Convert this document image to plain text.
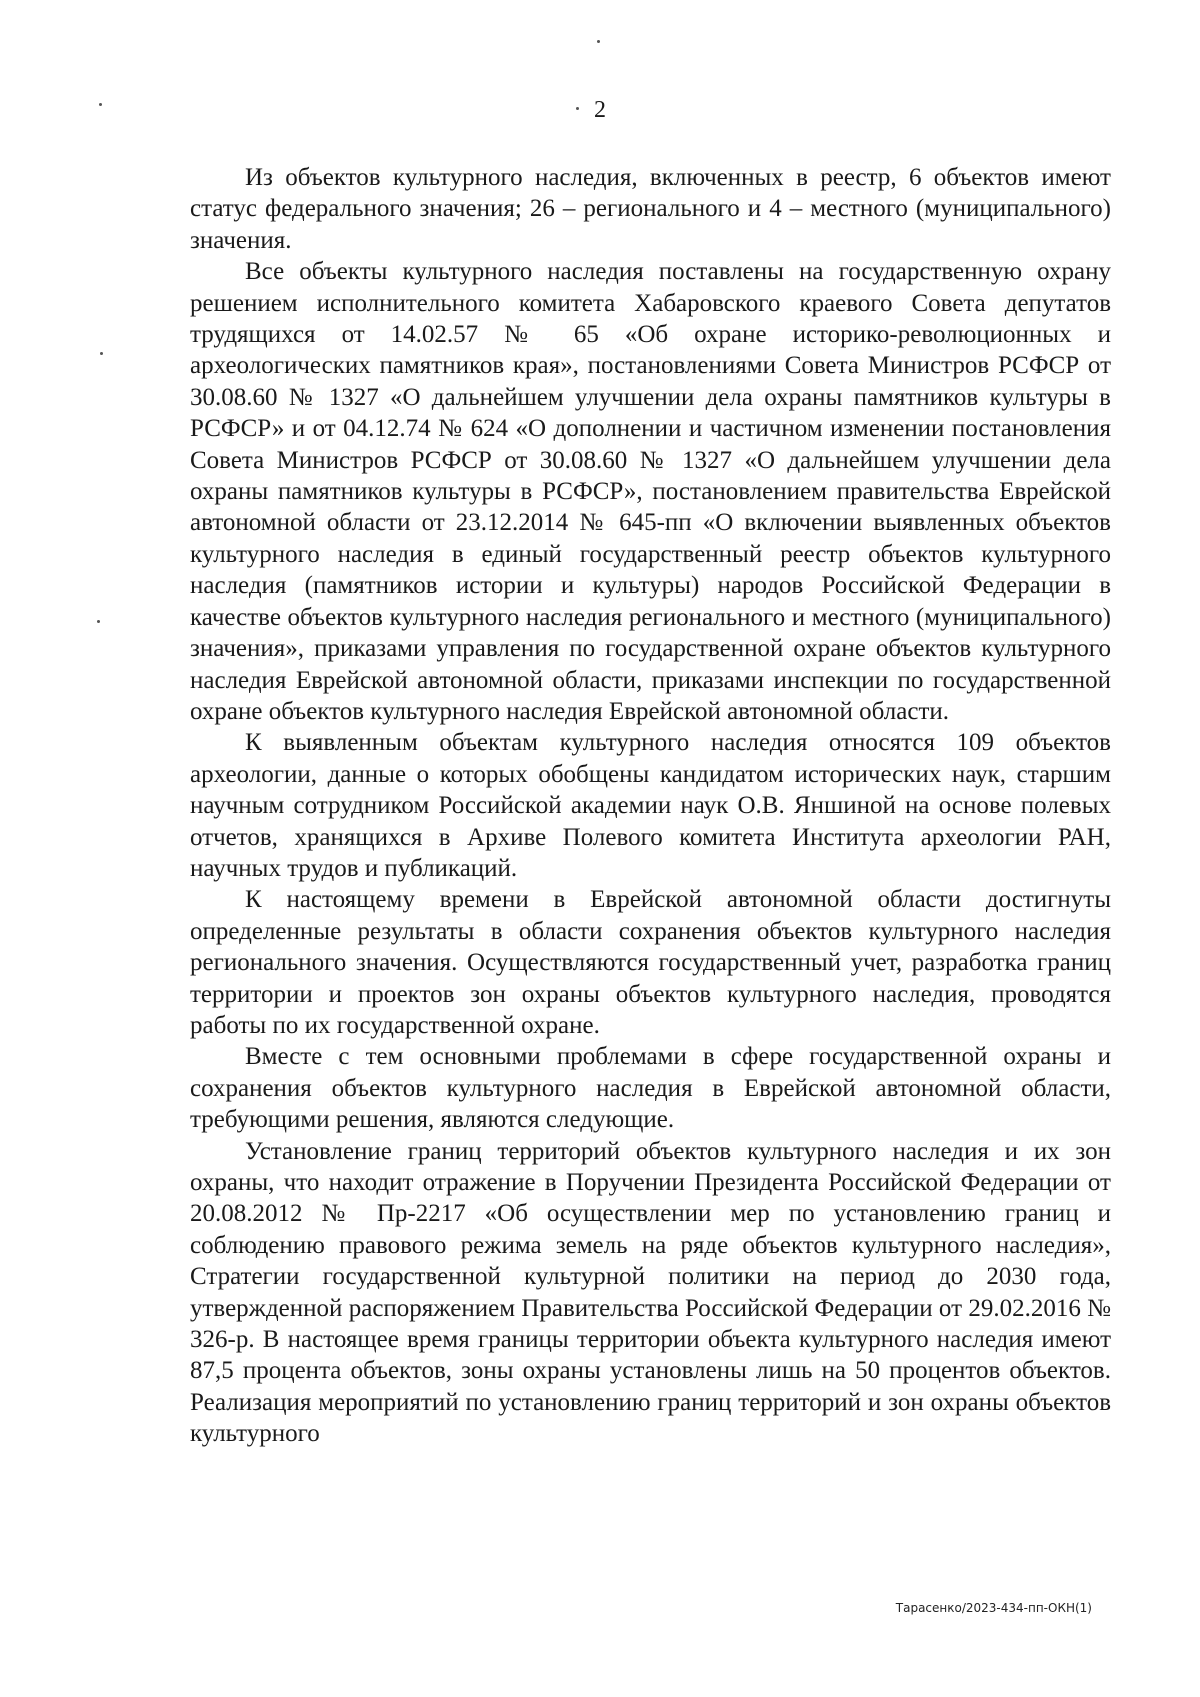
2

Из объектов культурного наследия, включенных в реестр, 6 объектов имеют статус федерального значения; 26 – регионального и 4 – местного (муниципального) значения.

Все объекты культурного наследия поставлены на государственную охрану решением исполнительного комитета Хабаровского краевого Совета депутатов трудящихся от 14.02.57 № 65 «Об охране историко-революционных и археологических памятников края», постановлениями Совета Министров РСФСР от 30.08.60 № 1327 «О дальнейшем улучшении дела охраны памятников культуры в РСФСР» и от 04.12.74 № 624 «О дополнении и частичном изменении постановления Совета Министров РСФСР от 30.08.60 № 1327 «О дальнейшем улучшении дела охраны памятников культуры в РСФСР», постановлением правительства Еврейской автономной области от 23.12.2014 № 645-пп «О включении выявленных объектов культурного наследия в единый государственный реестр объектов культурного наследия (памятников истории и культуры) народов Российской Федерации в качестве объектов культурного наследия регионального и местного (муниципального) значения», приказами управления по государственной охране объектов культурного наследия Еврейской автономной области, приказами инспекции по государственной охране объектов культурного наследия Еврейской автономной области.

К выявленным объектам культурного наследия относятся 109 объектов археологии, данные о которых обобщены кандидатом исторических наук, старшим научным сотрудником Российской академии наук О.В. Яншиной на основе полевых отчетов, хранящихся в Архиве Полевого комитета Института археологии РАН, научных трудов и публикаций.

К настоящему времени в Еврейской автономной области достигнуты определенные результаты в области сохранения объектов культурного наследия регионального значения. Осуществляются государственный учет, разработка границ территории и проектов зон охраны объектов культурного наследия, проводятся работы по их государственной охране.

Вместе с тем основными проблемами в сфере государственной охраны и сохранения объектов культурного наследия в Еврейской автономной области, требующими решения, являются следующие.

Установление границ территорий объектов культурного наследия и их зон охраны, что находит отражение в Поручении Президента Российской Федерации от 20.08.2012 № Пр-2217 «Об осуществлении мер по установлению границ и соблюдению правового режима земель на ряде объектов культурного наследия», Стратегии государственной культурной политики на период до 2030 года, утвержденной распоряжением Правительства Российской Федерации от 29.02.2016 № 326-р. В настоящее время границы территории объекта культурного наследия имеют 87,5 процента объектов, зоны охраны установлены лишь на 50 процентов объектов. Реализация мероприятий по установлению границ территорий и зон охраны объектов культурного

Тарасенко/2023-434-пп-ОКН(1)
